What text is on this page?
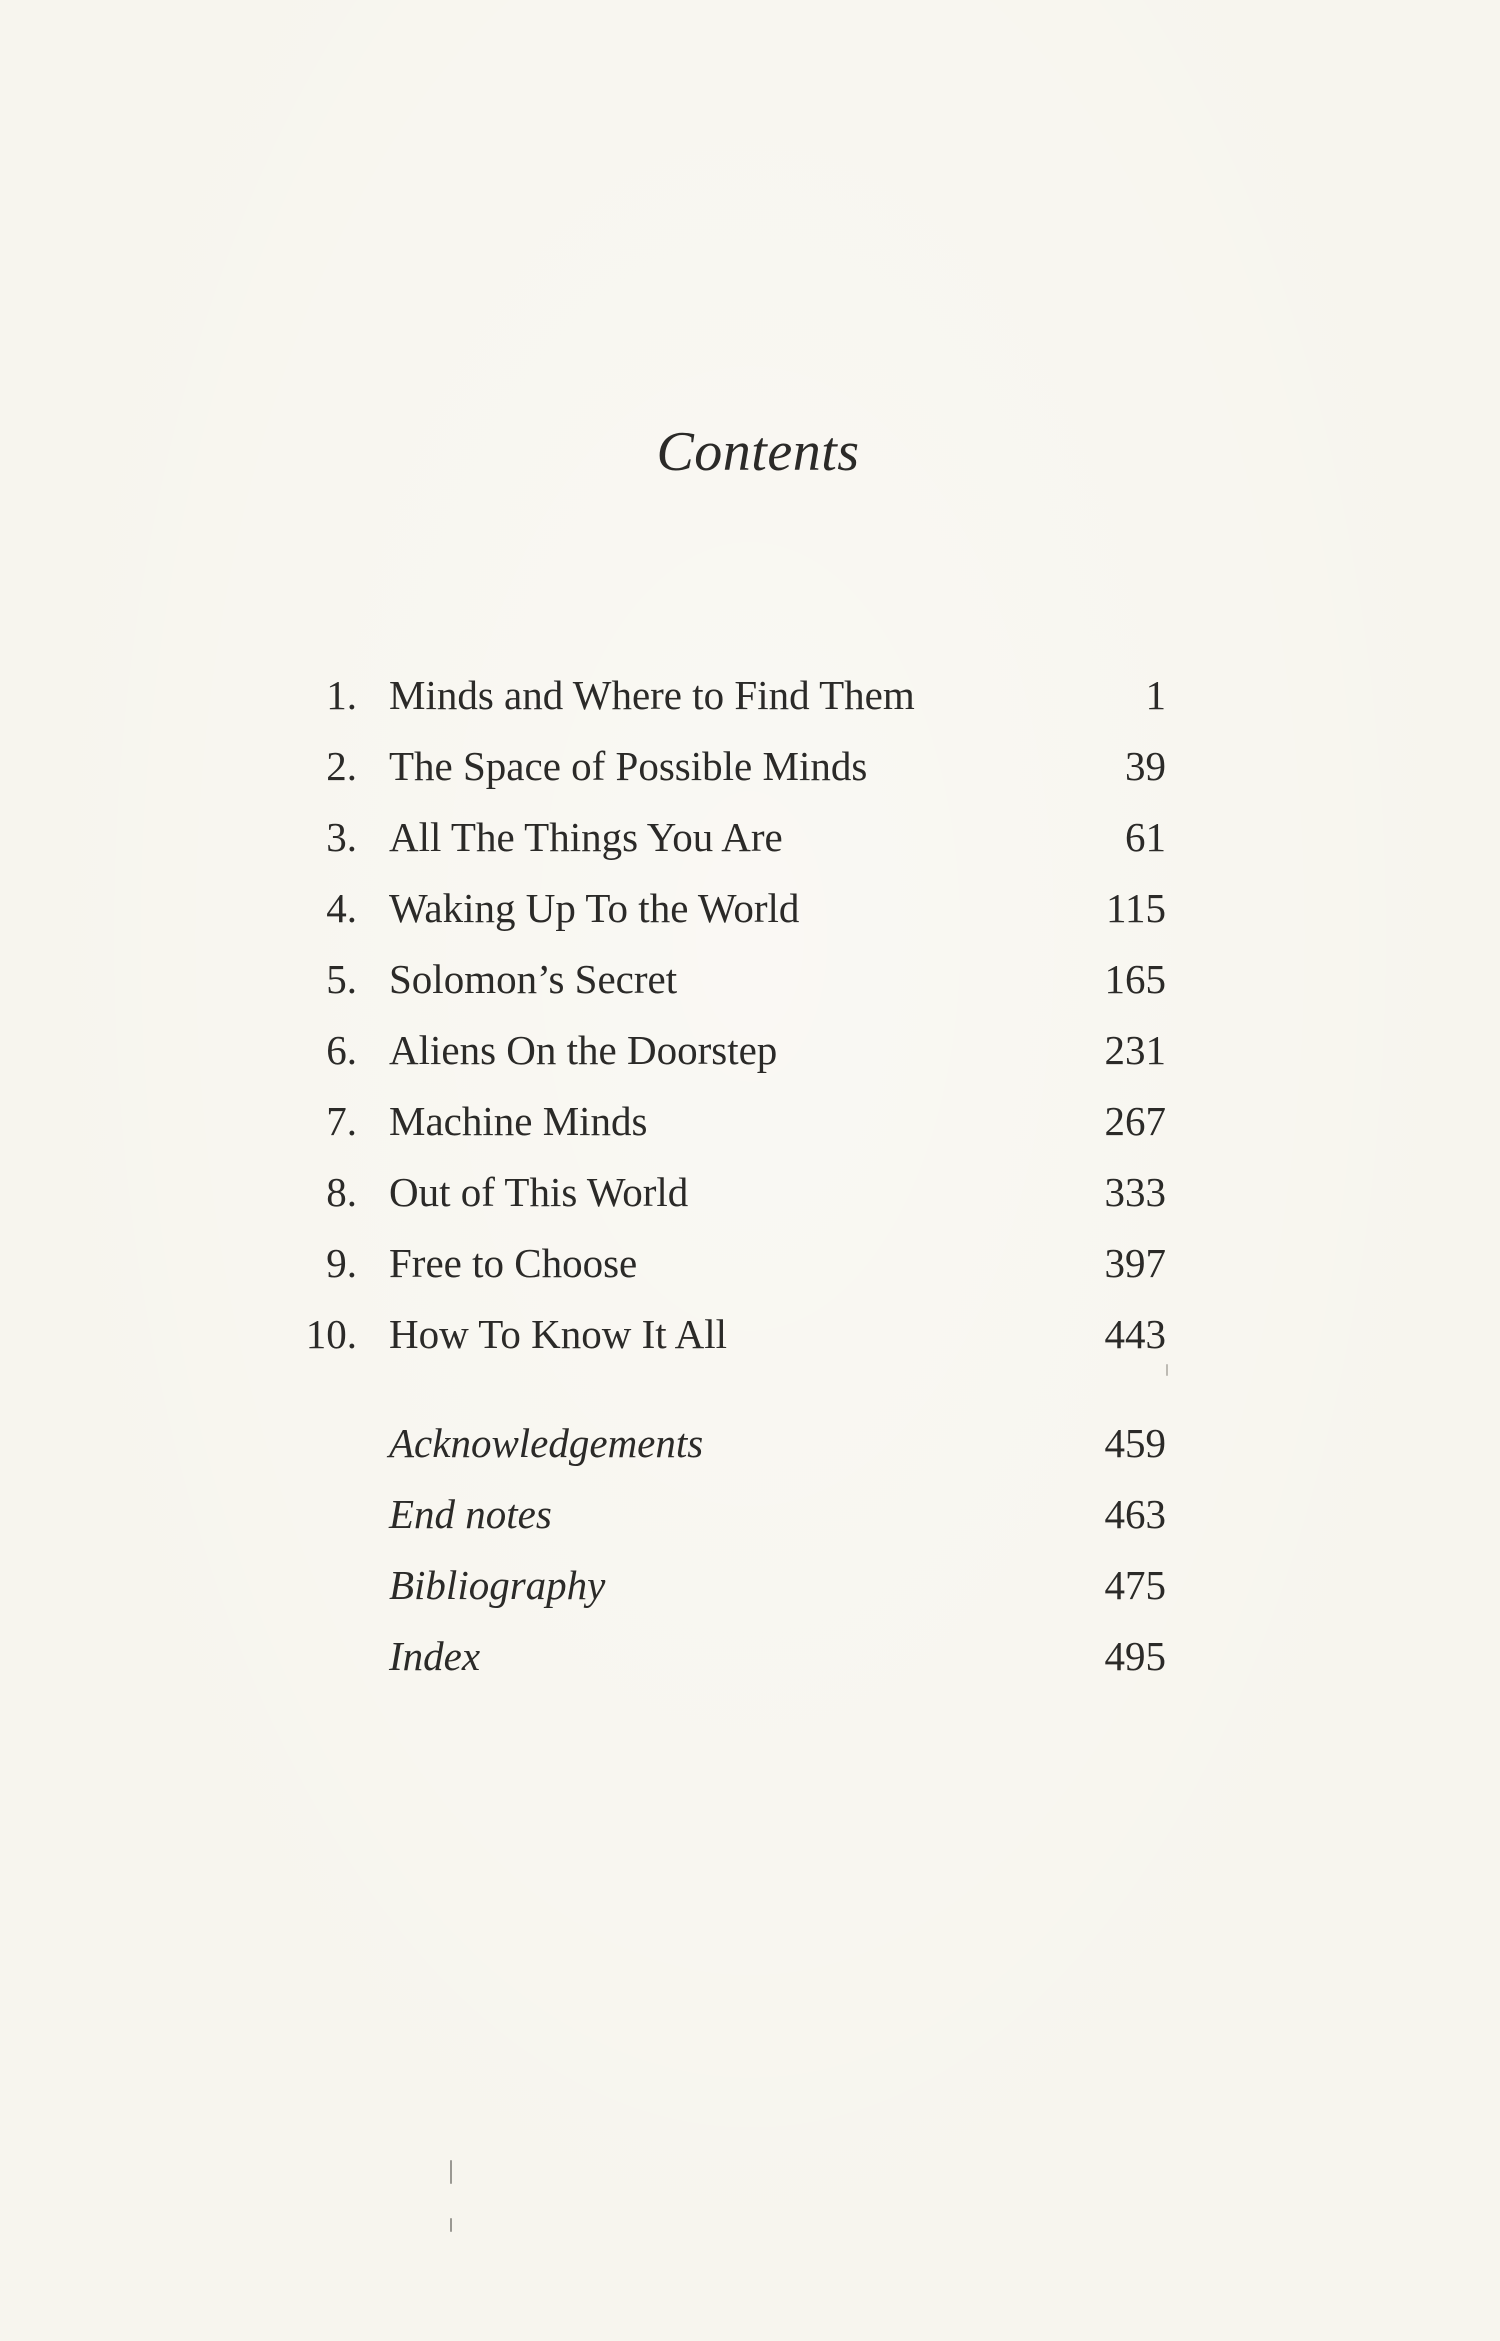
Contents
1. Minds and Where to Find Them	1
2. The Space of Possible Minds	39
3. All The Things You Are	61
4. Waking Up To the World	115
5. Solomon’s Secret	165
6. Aliens On the Doorstep	231
7. Machine Minds	267
8. Out of This World	333
9. Free to Choose	397
10. How To Know It All	443
Acknowledgements	459
End notes	463
Bibliography	475
Index	495
